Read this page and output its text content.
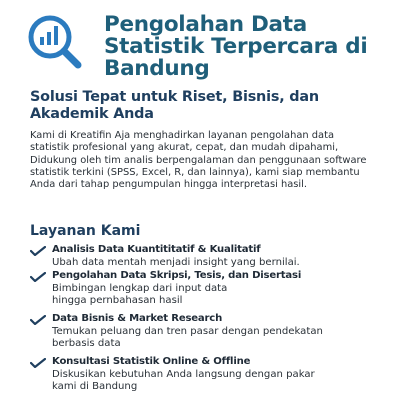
Pengolahan Data Statistik Terpercara di Bandung
Solusi Tepat untuk Riset, Bisnis, dan Akademik Anda
Kami di Kreatifin Aja menghadirkan layanan pengolahan data statistik profesional yang akurat, cepat, dan mudah dipahami, Didukung oleh tim analis berpengalaman dan penggunaan software statistik terkini (SPSS, Excel, R, dan lainnya), kami siap membantu Anda dari tahap pengumpulan hingga interpretasi hasil.
Layanan Kami
Analisis Data Kuantititatif & Kualitatif
Ubah data mentah menjadi insight yang bernilai.
Pengolahan Data Skripsi, Tesis, dan Disertasi
Bimbingan lengkap dari input data hingga pernbahasan hasil
Data Bisnis & Market Research
Temukan peluang dan tren pasar dengan pendekatan berbasis data
Konsultasi Statistik Online & Offline
Diskusikan kebutuhan Anda langsung dengan pakar kami di Bandung
